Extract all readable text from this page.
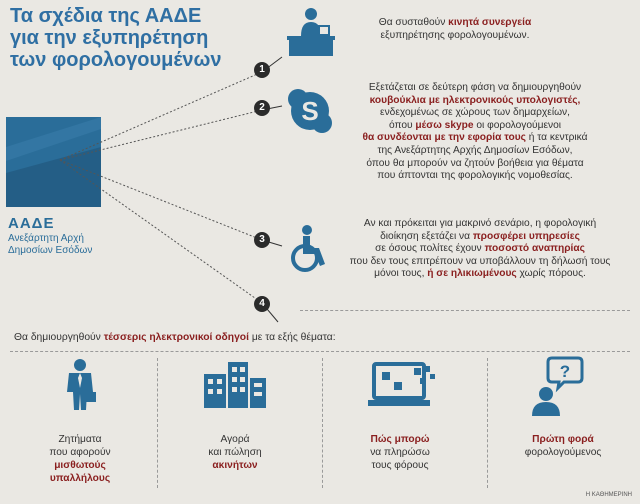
Τα σχέδια της ΑΑΔΕ
για την εξυπηρέτηση
των φορολογουμένων
ΑΑΔΕ
Ανεξάρτητη Αρχή
Δημοσίων Εσόδων
1
2
3
4
S
Θα συσταθούν κινητά συνεργεία
εξυπηρέτησης φορολογουμένων.
Εξετάζεται σε δεύτερη φάση να δημιουργηθούν
κουβούκλια με ηλεκτρονικούς υπολογιστές,
ενδεχομένως σε χώρους των δημαρχείων,
όπου μέσω skype οι φορολογούμενοι
θα συνδέονται με την εφορία τους ή τα κεντρικά
της Ανεξάρτητης Αρχής Δημοσίων Εσόδων,
όπου θα μπορούν να ζητούν βοήθεια για θέματα
που άπτονται της φορολογικής νομοθεσίας.
Αν και πρόκειται για μακρινό σενάριο, η φορολογική
διοίκηση εξετάζει να προσφέρει υπηρεσίες
σε όσους πολίτες έχουν ποσοστό αναπηρίας
που δεν τους επιτρέπουν να υποβάλλουν τη δήλωσή τους
μόνοι τους, ή σε ηλικιωμένους χωρίς πόρους.
Θα δημιουργηθούν τέσσερις ηλεκτρονικοί οδηγοί με τα εξής θέματα:
?
Ζητήματα
που αφορούν
μισθωτούς
υπαλλήλους
Αγορά
και πώληση
ακινήτων
Πώς μπορώ
να πληρώσω
τους φόρους
Πρώτη φορά
φορολογούμενος
Η ΚΑΘΗΜΕΡΙΝΗ
